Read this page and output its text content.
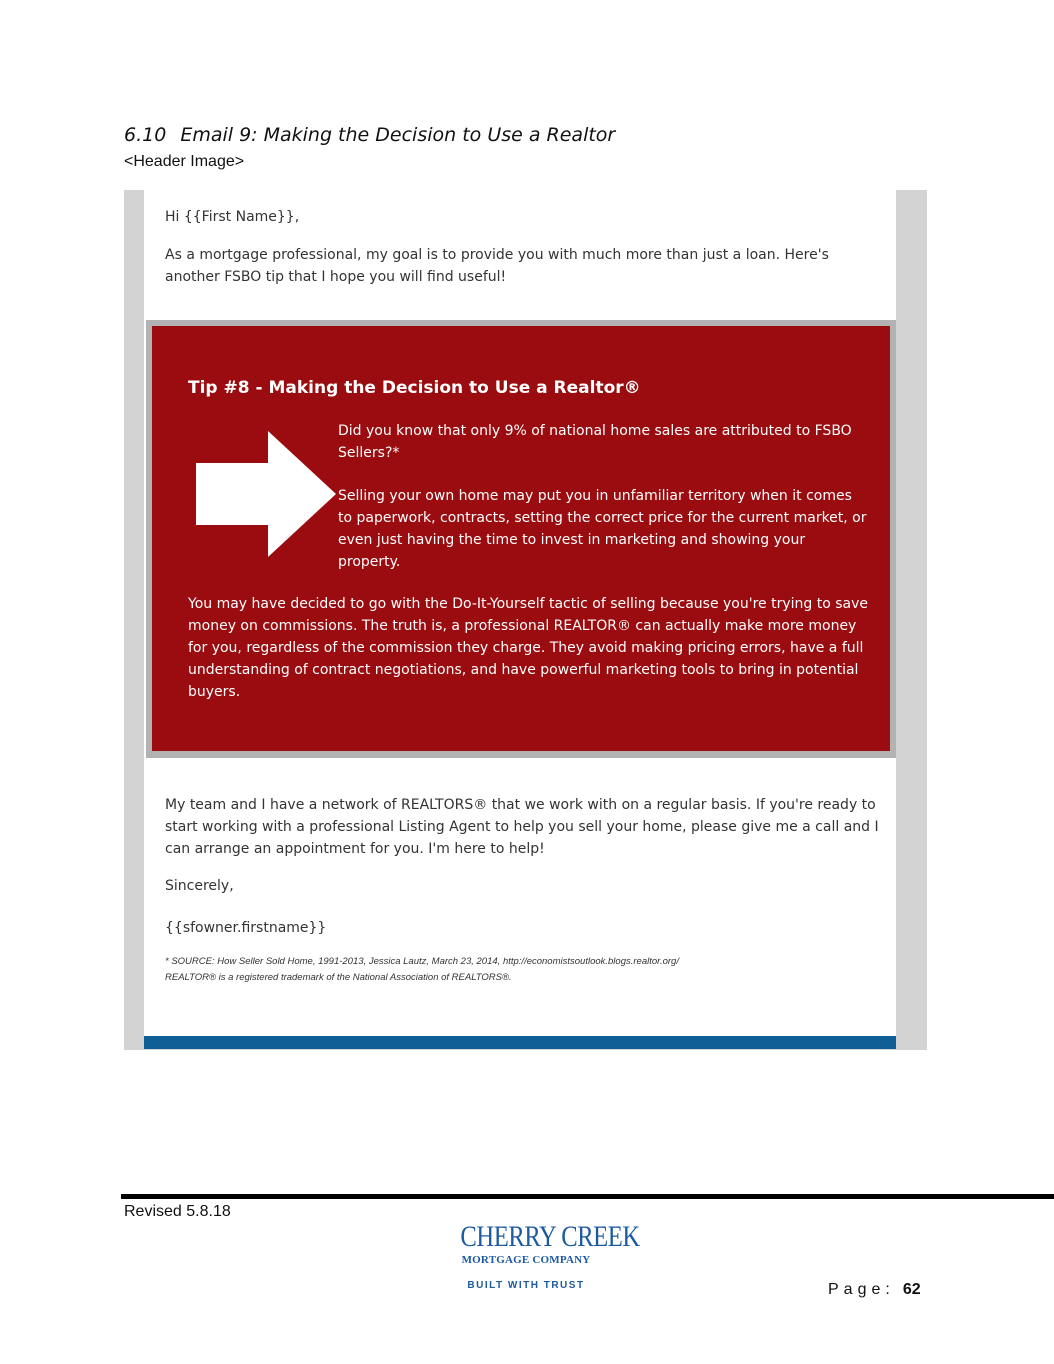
6.10 Email 9: Making the Decision to Use a Realtor
<Header Image>
Hi {{First Name}},
As a mortgage professional, my goal is to provide you with much more than just a loan. Here's another FSBO tip that I hope you will find useful!
Tip #8 - Making the Decision to Use a Realtor®
Did you know that only 9% of national home sales are attributed to FSBO Sellers?*
Selling your own home may put you in unfamiliar territory when it comes to paperwork, contracts, setting the correct price for the current market, or even just having the time to invest in marketing and showing your property.
You may have decided to go with the Do-It-Yourself tactic of selling because you're trying to save money on commissions. The truth is, a professional REALTOR® can actually make more money for you, regardless of the commission they charge. They avoid making pricing errors, have a full understanding of contract negotiations, and have powerful marketing tools to bring in potential buyers.
My team and I have a network of REALTORS® that we work with on a regular basis. If you're ready to start working with a professional Listing Agent to help you sell your home, please give me a call and I can arrange an appointment for you. I'm here to help!
Sincerely,
{{sfowner.firstname}}
* SOURCE: How Seller Sold Home, 1991-2013, Jessica Lautz, March 23, 2014, http://economistsoutlook.blogs.realtor.org/
REALTOR® is a registered trademark of the National Association of REALTORS®.
Revised 5.8.18
CHERRY CREEK
MORTGAGE COMPANY
BUILT WITH TRUST	Page: 62
